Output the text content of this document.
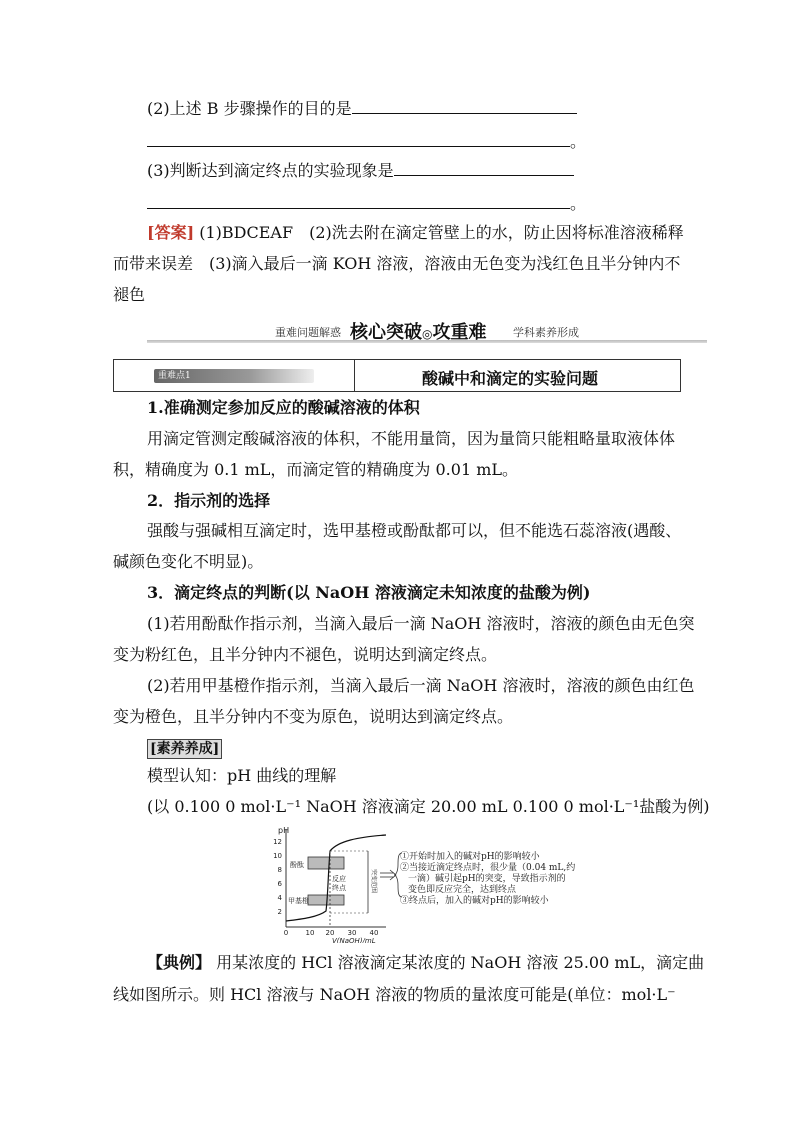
(2)上述 B 步骤操作的目的是
。
(3)判断达到滴定终点的实验现象是
。
[答案] (1)BDCEAF　(2)洗去附在滴定管壁上的水，防止因将标准溶液稀释
而带来误差　(3)滴入最后一滴 KOH 溶液，溶液由无色变为浅红色且半分钟内不
褪色
重难问题解惑 核心突破◎攻重难 学科素养形成
重难点1	酸碱中和滴定的实验问题
1.准确测定参加反应的酸碱溶液的体积
用滴定管测定酸碱溶液的体积，不能用量筒，因为量筒只能粗略量取液体体
积，精确度为 0.1 mL，而滴定管的精确度为 0.01 mL。
2．指示剂的选择
强酸与强碱相互滴定时，选甲基橙或酚酞都可以，但不能选石蕊溶液(遇酸、
碱颜色变化不明显)。
3．滴定终点的判断(以 NaOH 溶液滴定未知浓度的盐酸为例)
(1)若用酚酞作指示剂，当滴入最后一滴 NaOH 溶液时，溶液的颜色由无色突
变为粉红色，且半分钟内不褪色，说明达到滴定终点。
(2)若用甲基橙作指示剂，当滴入最后一滴 NaOH 溶液时，溶液的颜色由红色
变为橙色，且半分钟内不变为原色，说明达到滴定终点。
[素养养成]
模型认知：pH 曲线的理解
(以 0.100 0 mol·L⁻¹ NaOH 溶液滴定 20.00 mL 0.100 0 mol·L⁻¹盐酸为例)
pH
2
4
6
8
10
12
0 10 20 30 40
V(NaOH)/mL
突变范围
酚酞
甲基橙
反应
终点
①开始时加入的碱对pH的影响较小
②当接近滴定终点时，很少量（0.04 mL,约
一滴）碱引起pH的突变，导致指示剂的
变色即反应完全，达到终点
③终点后，加入的碱对pH的影响较小
【典例】 用某浓度的 HCl 溶液滴定某浓度的 NaOH 溶液 25.00 mL，滴定曲
线如图所示。则 HCl 溶液与 NaOH 溶液的物质的量浓度可能是(单位：mol·L⁻
